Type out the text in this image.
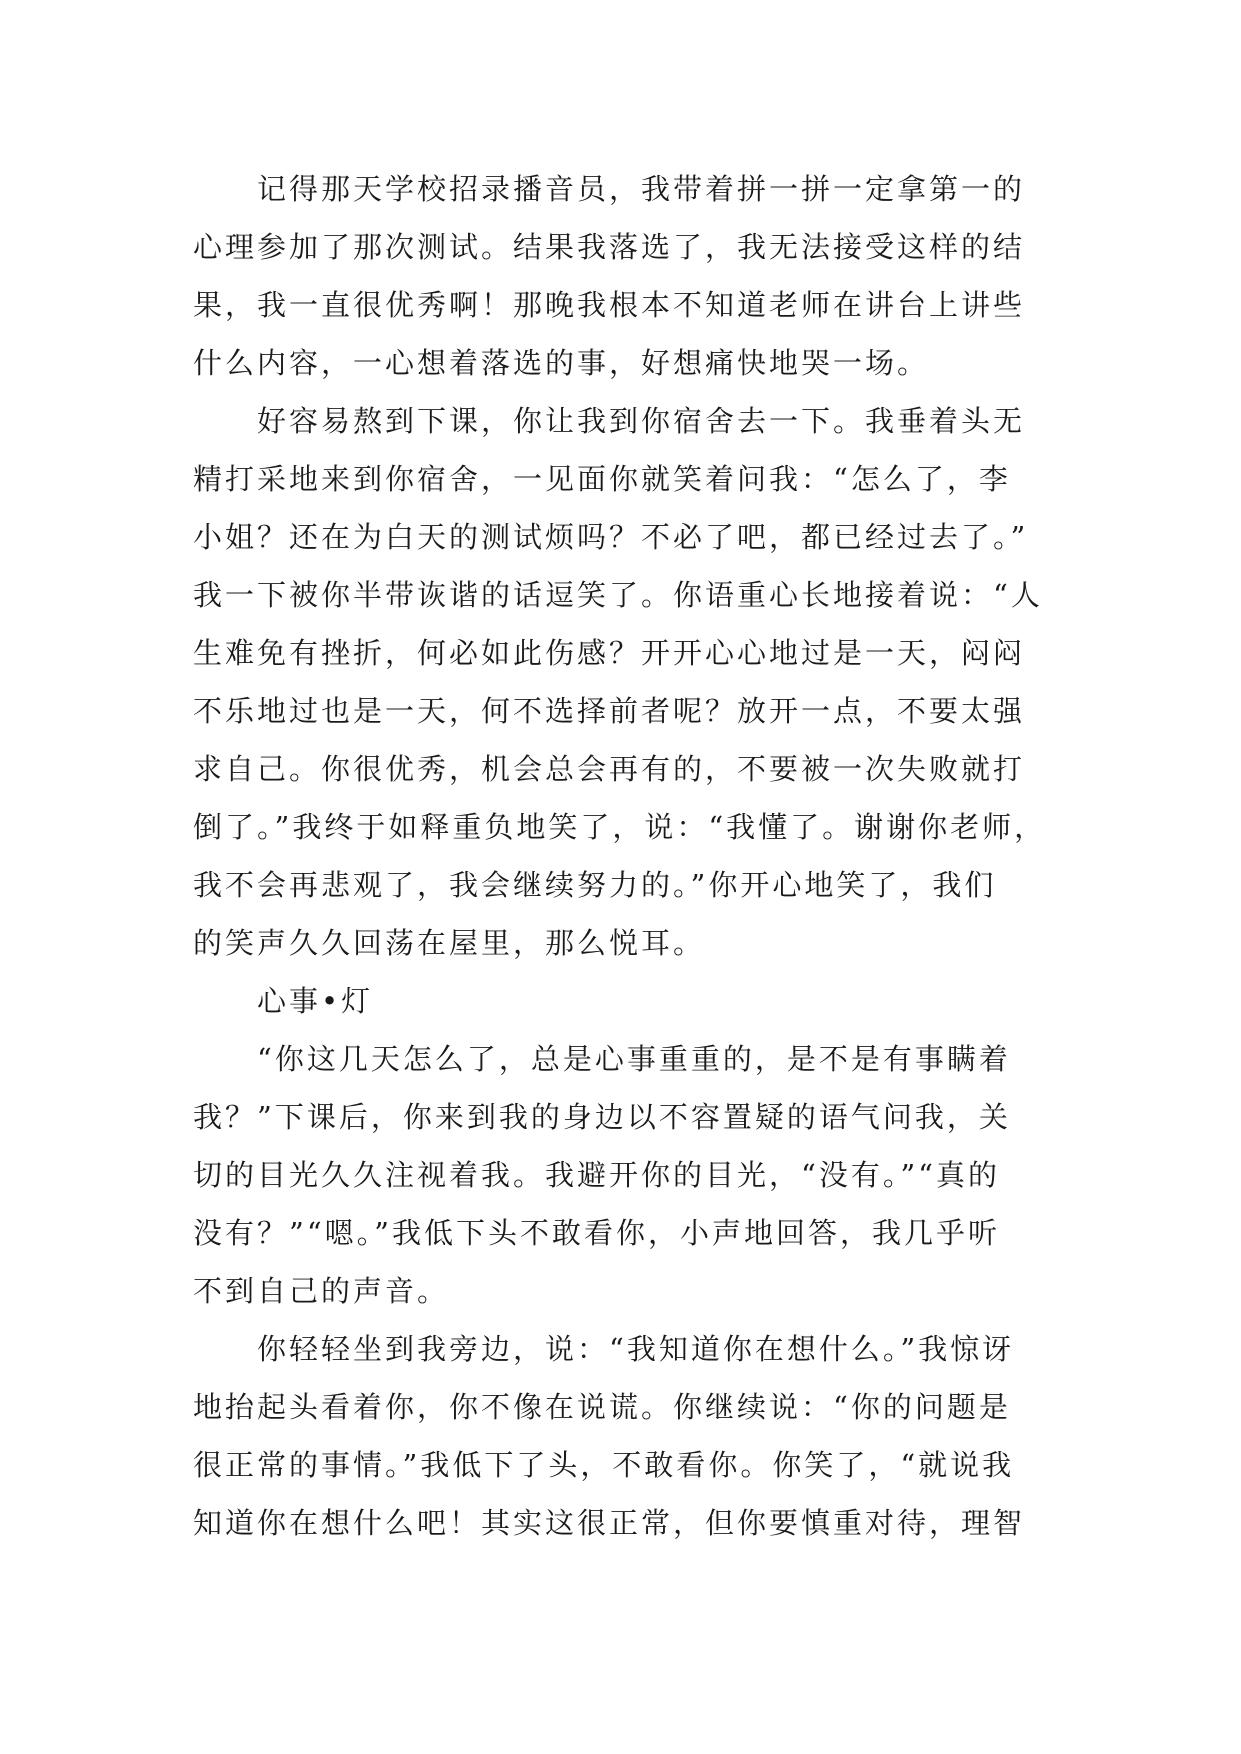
记得那天学校招录播音员，我带着拼一拼一定拿第一的
心理参加了那次测试。结果我落选了，我无法接受这样的结
果，我一直很优秀啊！那晚我根本不知道老师在讲台上讲些
什么内容，一心想着落选的事，好想痛快地哭一场。
好容易熬到下课，你让我到你宿舍去一下。我垂着头无
精打采地来到你宿舍，一见面你就笑着问我：“怎么了，李
小姐？还在为白天的测试烦吗？不必了吧，都已经过去了。”
我一下被你半带诙谐的话逗笑了。你语重心长地接着说：“人
生难免有挫折，何必如此伤感？开开心心地过是一天，闷闷
不乐地过也是一天，何不选择前者呢？放开一点，不要太强
求自己。你很优秀，机会总会再有的，不要被一次失败就打
倒了。”我终于如释重负地笑了，说：“我懂了。谢谢你老师，
我不会再悲观了，我会继续努力的。”你开心地笑了，我们
的笑声久久回荡在屋里，那么悦耳。
心事•灯
“你这几天怎么了，总是心事重重的，是不是有事瞒着
我？”下课后，你来到我的身边以不容置疑的语气问我，关
切的目光久久注视着我。我避开你的目光，“没有。”“真的
没有？”“嗯。”我低下头不敢看你，小声地回答，我几乎听
不到自己的声音。
你轻轻坐到我旁边，说：“我知道你在想什么。”我惊讶
地抬起头看着你，你不像在说谎。你继续说：“你的问题是
很正常的事情。”我低下了头，不敢看你。你笑了，“就说我
知道你在想什么吧！其实这很正常，但你要慎重对待，理智
